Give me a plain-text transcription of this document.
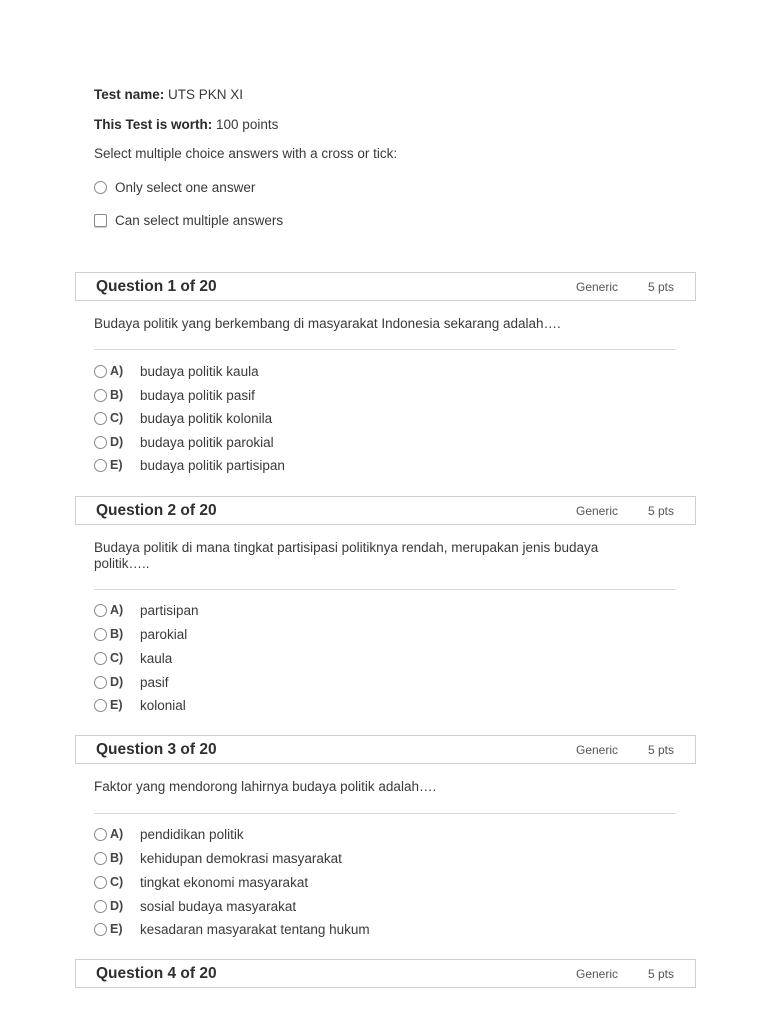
Test name: UTS PKN XI
This Test is worth: 100 points
Select multiple choice answers with a cross or tick:
Only select one answer
Can select multiple answers
Question 1 of 20	Generic 5 pts
Budaya politik yang berkembang di masyarakat Indonesia sekarang adalah….
A)	budaya politik kaula
B)	budaya politik pasif
C)	budaya politik kolonila
D)	budaya politik parokial
E)	budaya politik partisipan
Question 2 of 20	Generic 5 pts
Budaya politik di mana tingkat partisipasi politiknya rendah, merupakan jenis budaya politik…..
A)	partisipan
B)	parokial
C)	kaula
D)	pasif
E)	kolonial
Question 3 of 20	Generic 5 pts
Faktor yang mendorong lahirnya budaya politik adalah….
A)	pendidikan politik
B)	kehidupan demokrasi masyarakat
C)	tingkat ekonomi masyarakat
D)	sosial budaya masyarakat
E)	kesadaran masyarakat tentang hukum
Question 4 of 20	Generic 5 pts
